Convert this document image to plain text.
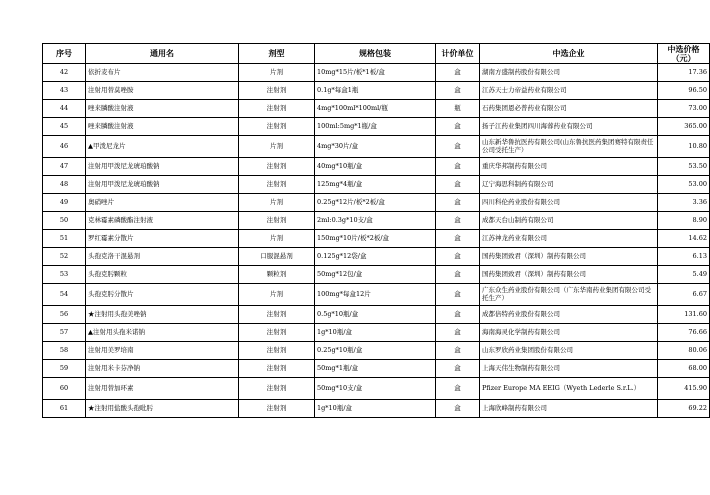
序号	通用名	剂型	规格包装	计价单位	中选企业	中选价格
（元）
42	依折麦布片	片剂	10mg*15片/板*1板/盒	盒	湖南方盛制药股份有限公司	17.36
43	注射用替莫唑胺	注射剂	0.1g*每盒1瓶	盒	江苏天士力帝益药业有限公司	96.50
44	唑来膦酸注射液	注射剂	4mg*100ml*100ml/瓶	瓶	石药集团恩必普药业有限公司	73.00
45	唑来膦酸注射液	注射剂	100ml:5mg*1瓶/盒	盒	扬子江药业集团四川海蓉药业有限公司	365.00
46	▲甲泼尼龙片	片剂	4mg*30片/盒	盒	山东新华鲁抗医药有限公司(山东鲁抗医药集团赛特有限责任公司受托生产）	10.80
47	注射用甲泼尼龙琥珀酸钠	注射剂	40mg*10瓶/盒	盒	重庆华邦制药有限公司	53.50
48	注射用甲泼尼龙琥珀酸钠	注射剂	125mg*4瓶/盒	盒	辽宁海思科制药有限公司	53.00
49	奥硝唑片	片剂	0.25g*12片/板*2板/盒	盒	四川科伦药业股份有限公司	3.36
50	克林霉素磷酸酯注射液	注射剂	2ml:0.3g*10支/盒	盒	成都天台山制药有限公司	8.90
51	罗红霉素分散片	片剂	150mg*10片/板*2板/盒	盒	江苏神龙药业有限公司	14.62
52	头孢克洛干混悬剂	口服混悬剂	0.125g*12袋/盒	盒	国药集团致君（深圳）制药有限公司	6.13
53	头孢克肟颗粒	颗粒剂	50mg*12包/盒	盒	国药集团致君（深圳）制药有限公司	5.49
54	头孢克肟分散片	片剂	100mg*每盒12片	盒	广东众生药业股份有限公司（广东华南药业集团有限公司受托生产）	6.67
56	★注射用头孢美唑钠	注射剂	0.5g*10瓶/盒	盒	成都倍特药业股份有限公司	131.60
57	▲注射用头孢米诺钠	注射剂	1g*10瓶/盒	盒	海南海灵化学制药有限公司	76.66
58	注射用美罗培南	注射剂	0.25g*10瓶/盒	盒	山东罗欣药业集团股份有限公司	80.06
59	注射用米卡芬净钠	注射剂	50mg*1瓶/盒	盒	上海天伟生物制药有限公司	68.00
60	注射用替加环素	注射剂	50mg*10支/盒	盒	Pfizer Europe MA EEIG（Wyeth Lederle S.r.L.）	415.90
61	★注射用盐酸头孢吡肟	注射剂	1g*10瓶/盒	盒	上海欣峰制药有限公司	69.22
